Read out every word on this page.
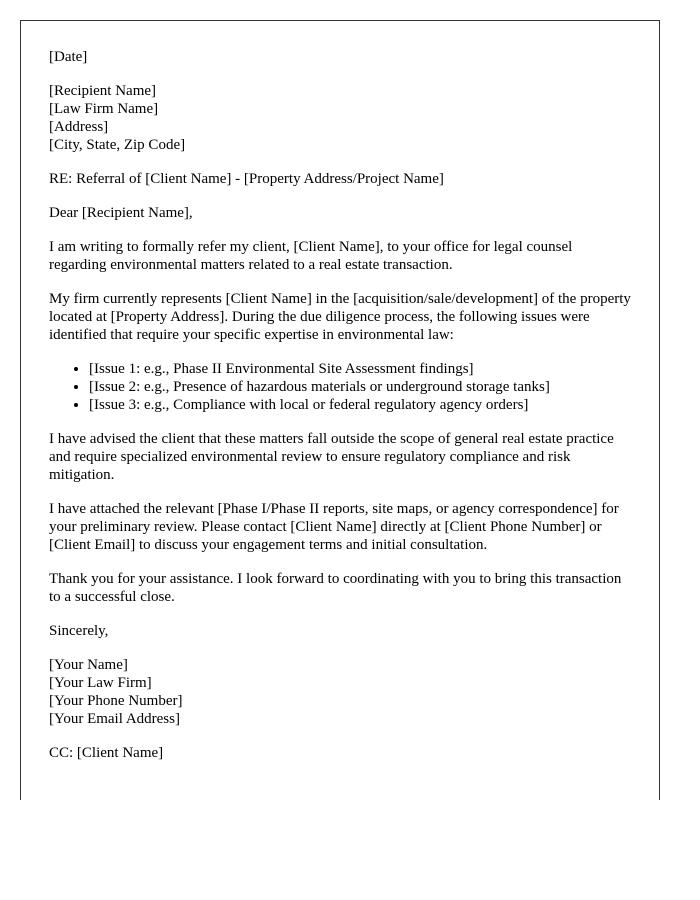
[Date]

[Recipient Name]
[Law Firm Name]
[Address]
[City, State, Zip Code]

RE: Referral of [Client Name] - [Property Address/Project Name]

Dear [Recipient Name],

I am writing to formally refer my client, [Client Name], to your office for legal counsel regarding environmental matters related to a real estate transaction.

My firm currently represents [Client Name] in the [acquisition/sale/development] of the property located at [Property Address]. During the due diligence process, the following issues were identified that require your specific expertise in environmental law:

• [Issue 1: e.g., Phase II Environmental Site Assessment findings]
• [Issue 2: e.g., Presence of hazardous materials or underground storage tanks]
• [Issue 3: e.g., Compliance with local or federal regulatory agency orders]

I have advised the client that these matters fall outside the scope of general real estate practice and require specialized environmental review to ensure regulatory compliance and risk mitigation.

I have attached the relevant [Phase I/Phase II reports, site maps, or agency correspondence] for your preliminary review. Please contact [Client Name] directly at [Client Phone Number] or [Client Email] to discuss your engagement terms and initial consultation.

Thank you for your assistance. I look forward to coordinating with you to bring this transaction to a successful close.

Sincerely,

[Your Name]
[Your Law Firm]
[Your Phone Number]
[Your Email Address]

CC: [Client Name]
